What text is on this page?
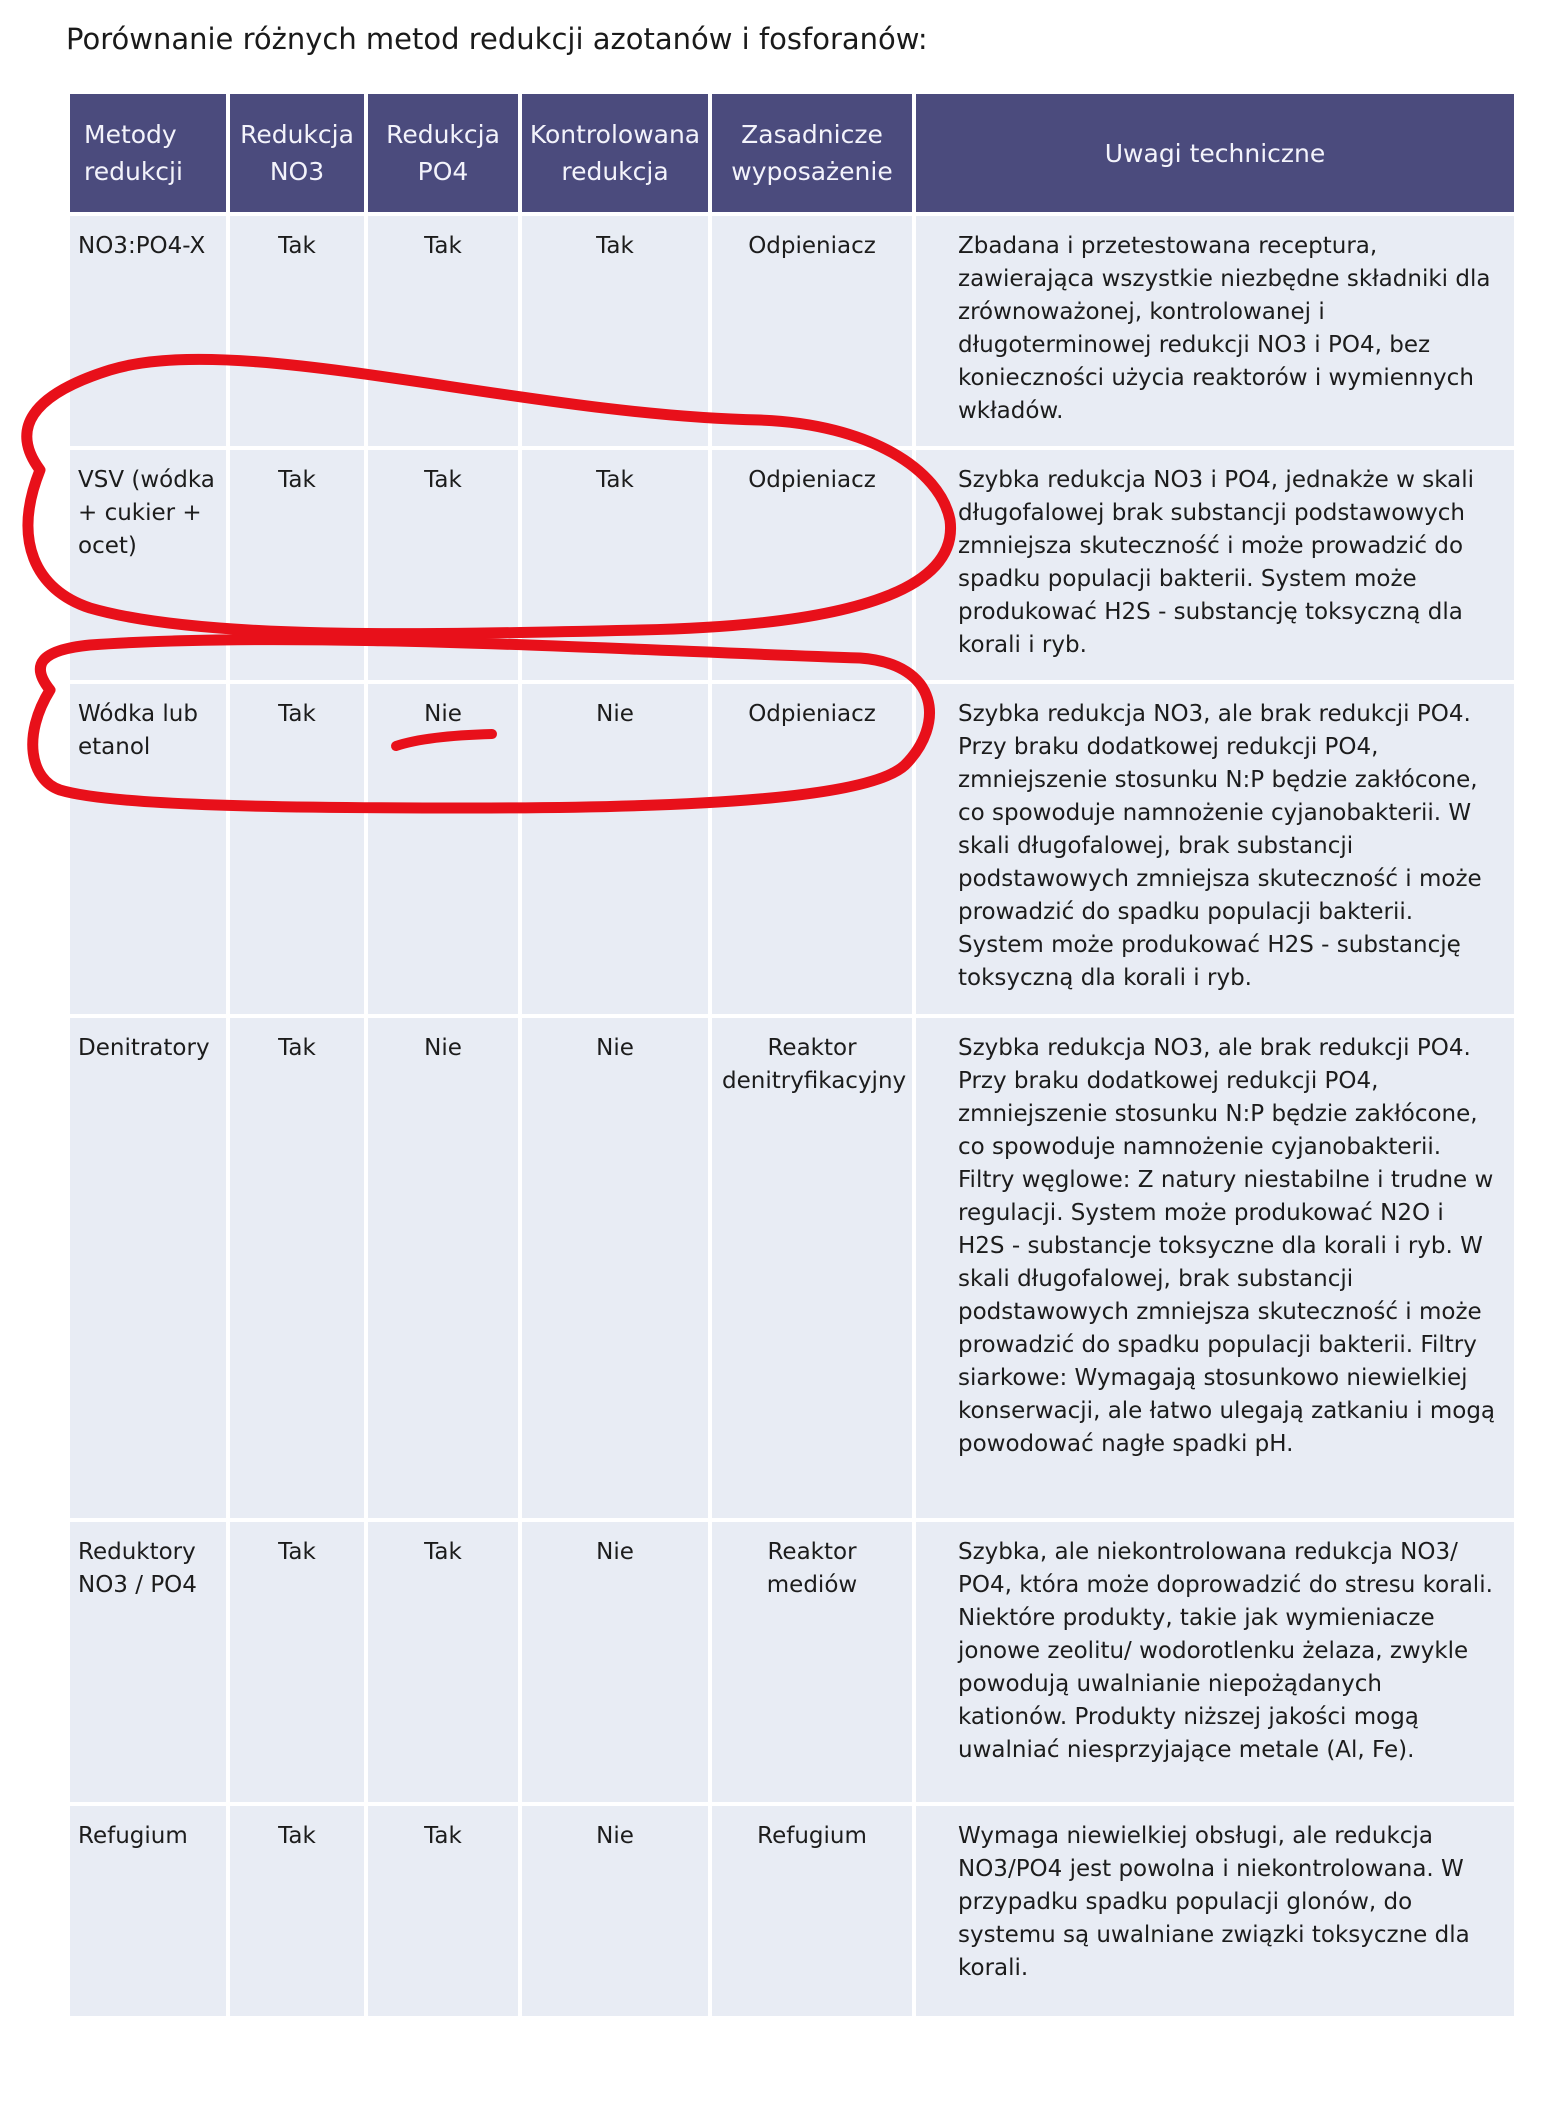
Porównanie różnych metod redukcji azotanów i fosforanów:
Metody redukcji	Redukcja NO3	Redukcja PO4	Kontrolowana redukcja	Zasadnicze wyposażenie	Uwagi techniczne
NO3:PO4-X	Tak	Tak	Tak	Odpieniacz	Zbadana i przetestowana receptura, zawierająca wszystkie niezbędne składniki dla zrównoważonej, kontrolowanej i długoterminowej redukcji NO3 i PO4, bez konieczności użycia reaktorów i wymiennych wkładów.
VSV (wódka + cukier + ocet)	Tak	Tak	Tak	Odpieniacz	Szybka redukcja NO3 i PO4, jednakże w skali długofalowej brak substancji podstawowych zmniejsza skuteczność i może prowadzić do spadku populacji bakterii. System może produkować H2S - substancję toksyczną dla korali i ryb.
Wódka lub etanol	Tak	Nie	Nie	Odpieniacz	Szybka redukcja NO3, ale brak redukcji PO4. Przy braku dodatkowej redukcji PO4, zmniejszenie stosunku N:P będzie zakłócone, co spowoduje namnożenie cyjanobakterii. W skali długofalowej, brak substancji podstawowych zmniejsza skuteczność i może prowadzić do spadku populacji bakterii. System może produkować H2S - substancję toksyczną dla korali i ryb.
Denitratory	Tak	Nie	Nie	Reaktor denitryfikacyjny	Szybka redukcja NO3, ale brak redukcji PO4. Przy braku dodatkowej redukcji PO4, zmniejszenie stosunku N:P będzie zakłócone, co spowoduje namnożenie cyjanobakterii. Filtry węglowe: Z natury niestabilne i trudne w regulacji. System może produkować N2O i H2S - substancje toksyczne dla korali i ryb. W skali długofalowej, brak substancji podstawowych zmniejsza skuteczność i może prowadzić do spadku populacji bakterii. Filtry siarkowe: Wymagają stosunkowo niewielkiej konserwacji, ale łatwo ulegają zatkaniu i mogą powodować nagłe spadki pH.
Reduktory NO3 / PO4	Tak	Tak	Nie	Reaktor mediów	Szybka, ale niekontrolowana redukcja NO3/ PO4, która może doprowadzić do stresu korali. Niektóre produkty, takie jak wymieniacze jonowe zeolitu/ wodorotlenku żelaza, zwykle powodują uwalnianie niepożądanych kationów. Produkty niższej jakości mogą uwalniać niesprzyjające metale (Al, Fe).
Refugium	Tak	Tak	Nie	Refugium	Wymaga niewielkiej obsługi, ale redukcja NO3/PO4 jest powolna i niekontrolowana. W przypadku spadku populacji glonów, do systemu są uwalniane związki toksyczne dla korali.
